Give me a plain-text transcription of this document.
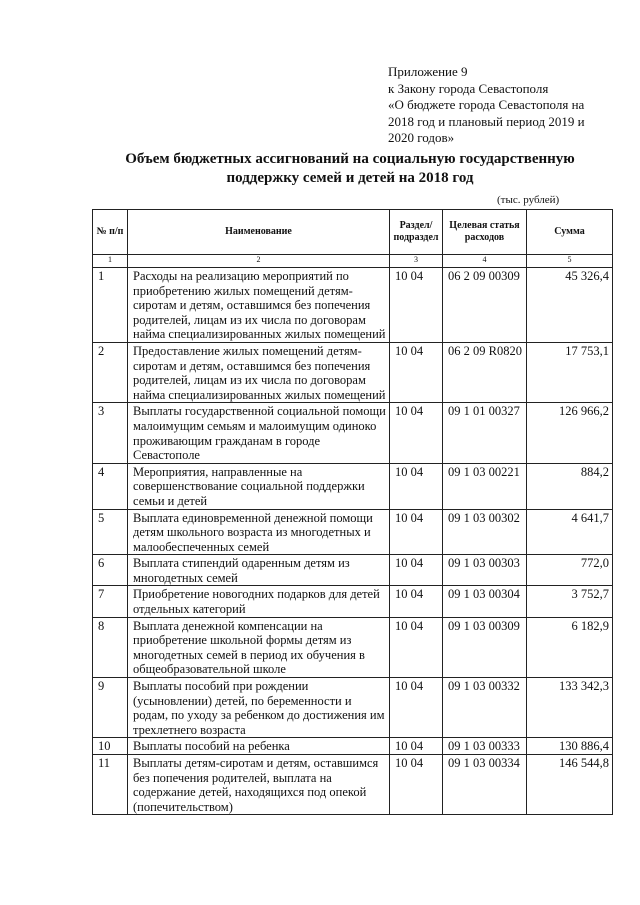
Приложение 9
к Закону города Севастополя
«О бюджете города Севастополя на
2018 год и плановый период 2019 и
2020 годов»
Объем бюджетных ассигнований на социальную государственную
поддержку семей и детей на 2018 год
(тыс. рублей)
№ п/п	Наименование	Раздел/ подраздел	Целевая статья расходов	Сумма
1	2	3	4	5
1	Расходы на реализацию мероприятий по приобретению жилых помещений детям-сиротам и детям, оставшимся без попечения родителей, лицам из их числа по договорам найма специализированных жилых помещений	10 04	06 2 09 00309	45 326,4
2	Предоставление жилых помещений детям-сиротам и детям, оставшимся без попечения родителей, лицам из их числа по договорам найма специализированных жилых помещений	10 04	06 2 09 R0820	17 753,1
3	Выплаты государственной социальной помощи малоимущим семьям и малоимущим одиноко проживающим гражданам в городе Севастополе	10 04	09 1 01 00327	126 966,2
4	Мероприятия, направленные на совершенствование социальной поддержки семьи и детей	10 04	09 1 03 00221	884,2
5	Выплата единовременной денежной помощи детям школьного возраста из многодетных и малообеспеченных семей	10 04	09 1 03 00302	4 641,7
6	Выплата стипендий одаренным детям из многодетных семей	10 04	09 1 03 00303	772,0
7	Приобретение новогодних подарков для детей отдельных категорий	10 04	09 1 03 00304	3 752,7
8	Выплата денежной компенсации на приобретение школьной формы детям из многодетных семей в период их обучения в общеобразовательной школе	10 04	09 1 03 00309	6 182,9
9	Выплаты пособий при рождении (усыновлении) детей, по беременности и родам, по уходу за ребенком до достижения им трехлетнего возраста	10 04	09 1 03 00332	133 342,3
10	Выплаты пособий на ребенка	10 04	09 1 03 00333	130 886,4
11	Выплаты детям-сиротам и детям, оставшимся без попечения родителей, выплата на содержание детей, находящихся под опекой (попечительством)	10 04	09 1 03 00334	146 544,8
